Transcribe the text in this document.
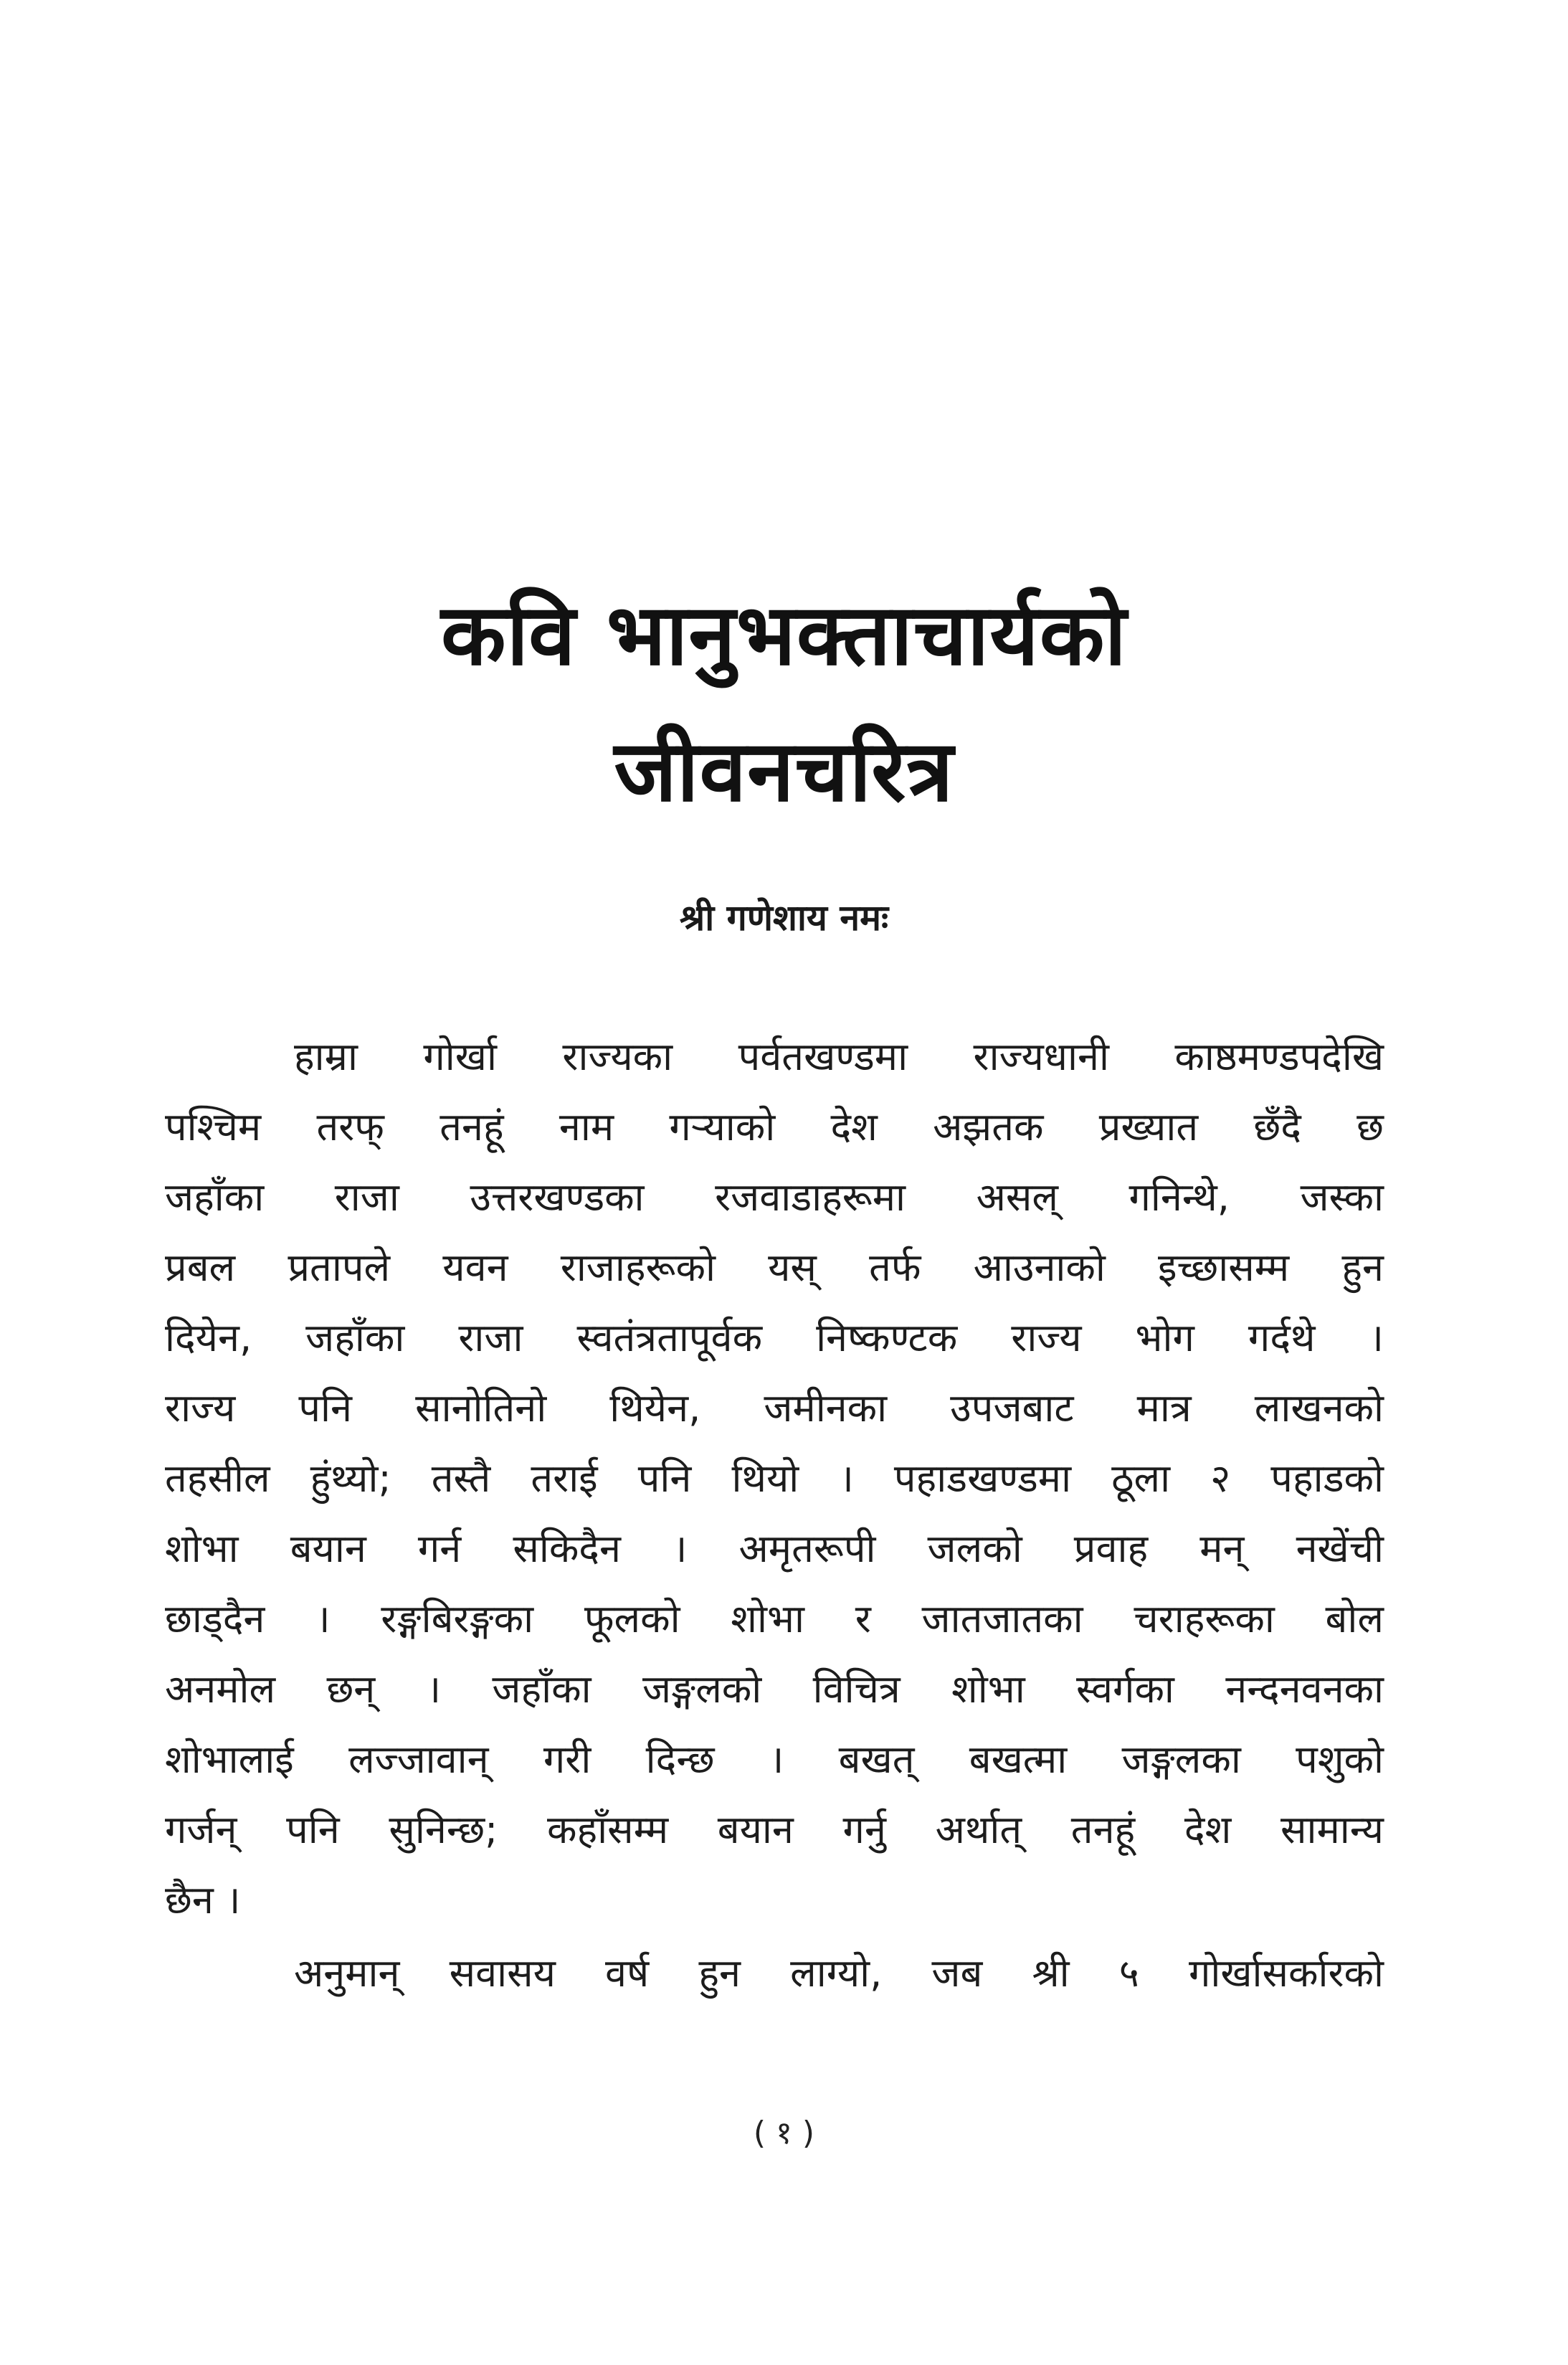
कवि भानुभक्ताचार्यको
जीवनचरित्र
श्री गणेशाय नमः
हाम्रा गोर्खा राज्यका पर्वतखण्डमा राज्यधानी काष्ठमण्डपदेखि
पश्चिम तरफ् तनहूं नाम गर्‍याको देश अझतक प्रख्यात छँदै छ
जहाँका राजा उत्तरखण्डका रजवाडाहरूमा असल् गनिन्थे, जस्का
प्रबल प्रतापले यवन राजाहरूको यस् तर्फ आउनाको इच्छासम्म हुन
दियेन, जहाँका राजा स्वतंत्रतापूर्वक निष्कण्टक राज्य भोग गर्दथे ।
राज्य पनि सानोतिनो थियेन, जमीनका उपजबाट मात्र लाखनको
तहसील हुंथ्यो; तस्तै तराई पनि थियो । पहाडखण्डमा ठूला २ पहाडको
शोभा बयान गर्न सकिदैन । अमृतरूपी जलको प्रवाह मन् नखेंची
छाड्दैन । रङ्गबिरङ्गका फूलको शोभा र जातजातका चराहरूका बोल
अनमोल छन् । जहाँका जङ्गलको विचित्र शोभा स्वर्गका नन्दनवनका
शोभालाई लज्जावान् गरी दिन्छ । बखत् बखत्मा जङ्गलका पशुको
गर्जन् पनि सुनिन्छ; कहाँसम्म बयान गर्नु अर्थात् तनहूं देश सामान्य
छैन ।
अनुमान् सवासय वर्ष हुन लाग्यो, जब श्री ५ गोर्खासर्कारको
( १ )
